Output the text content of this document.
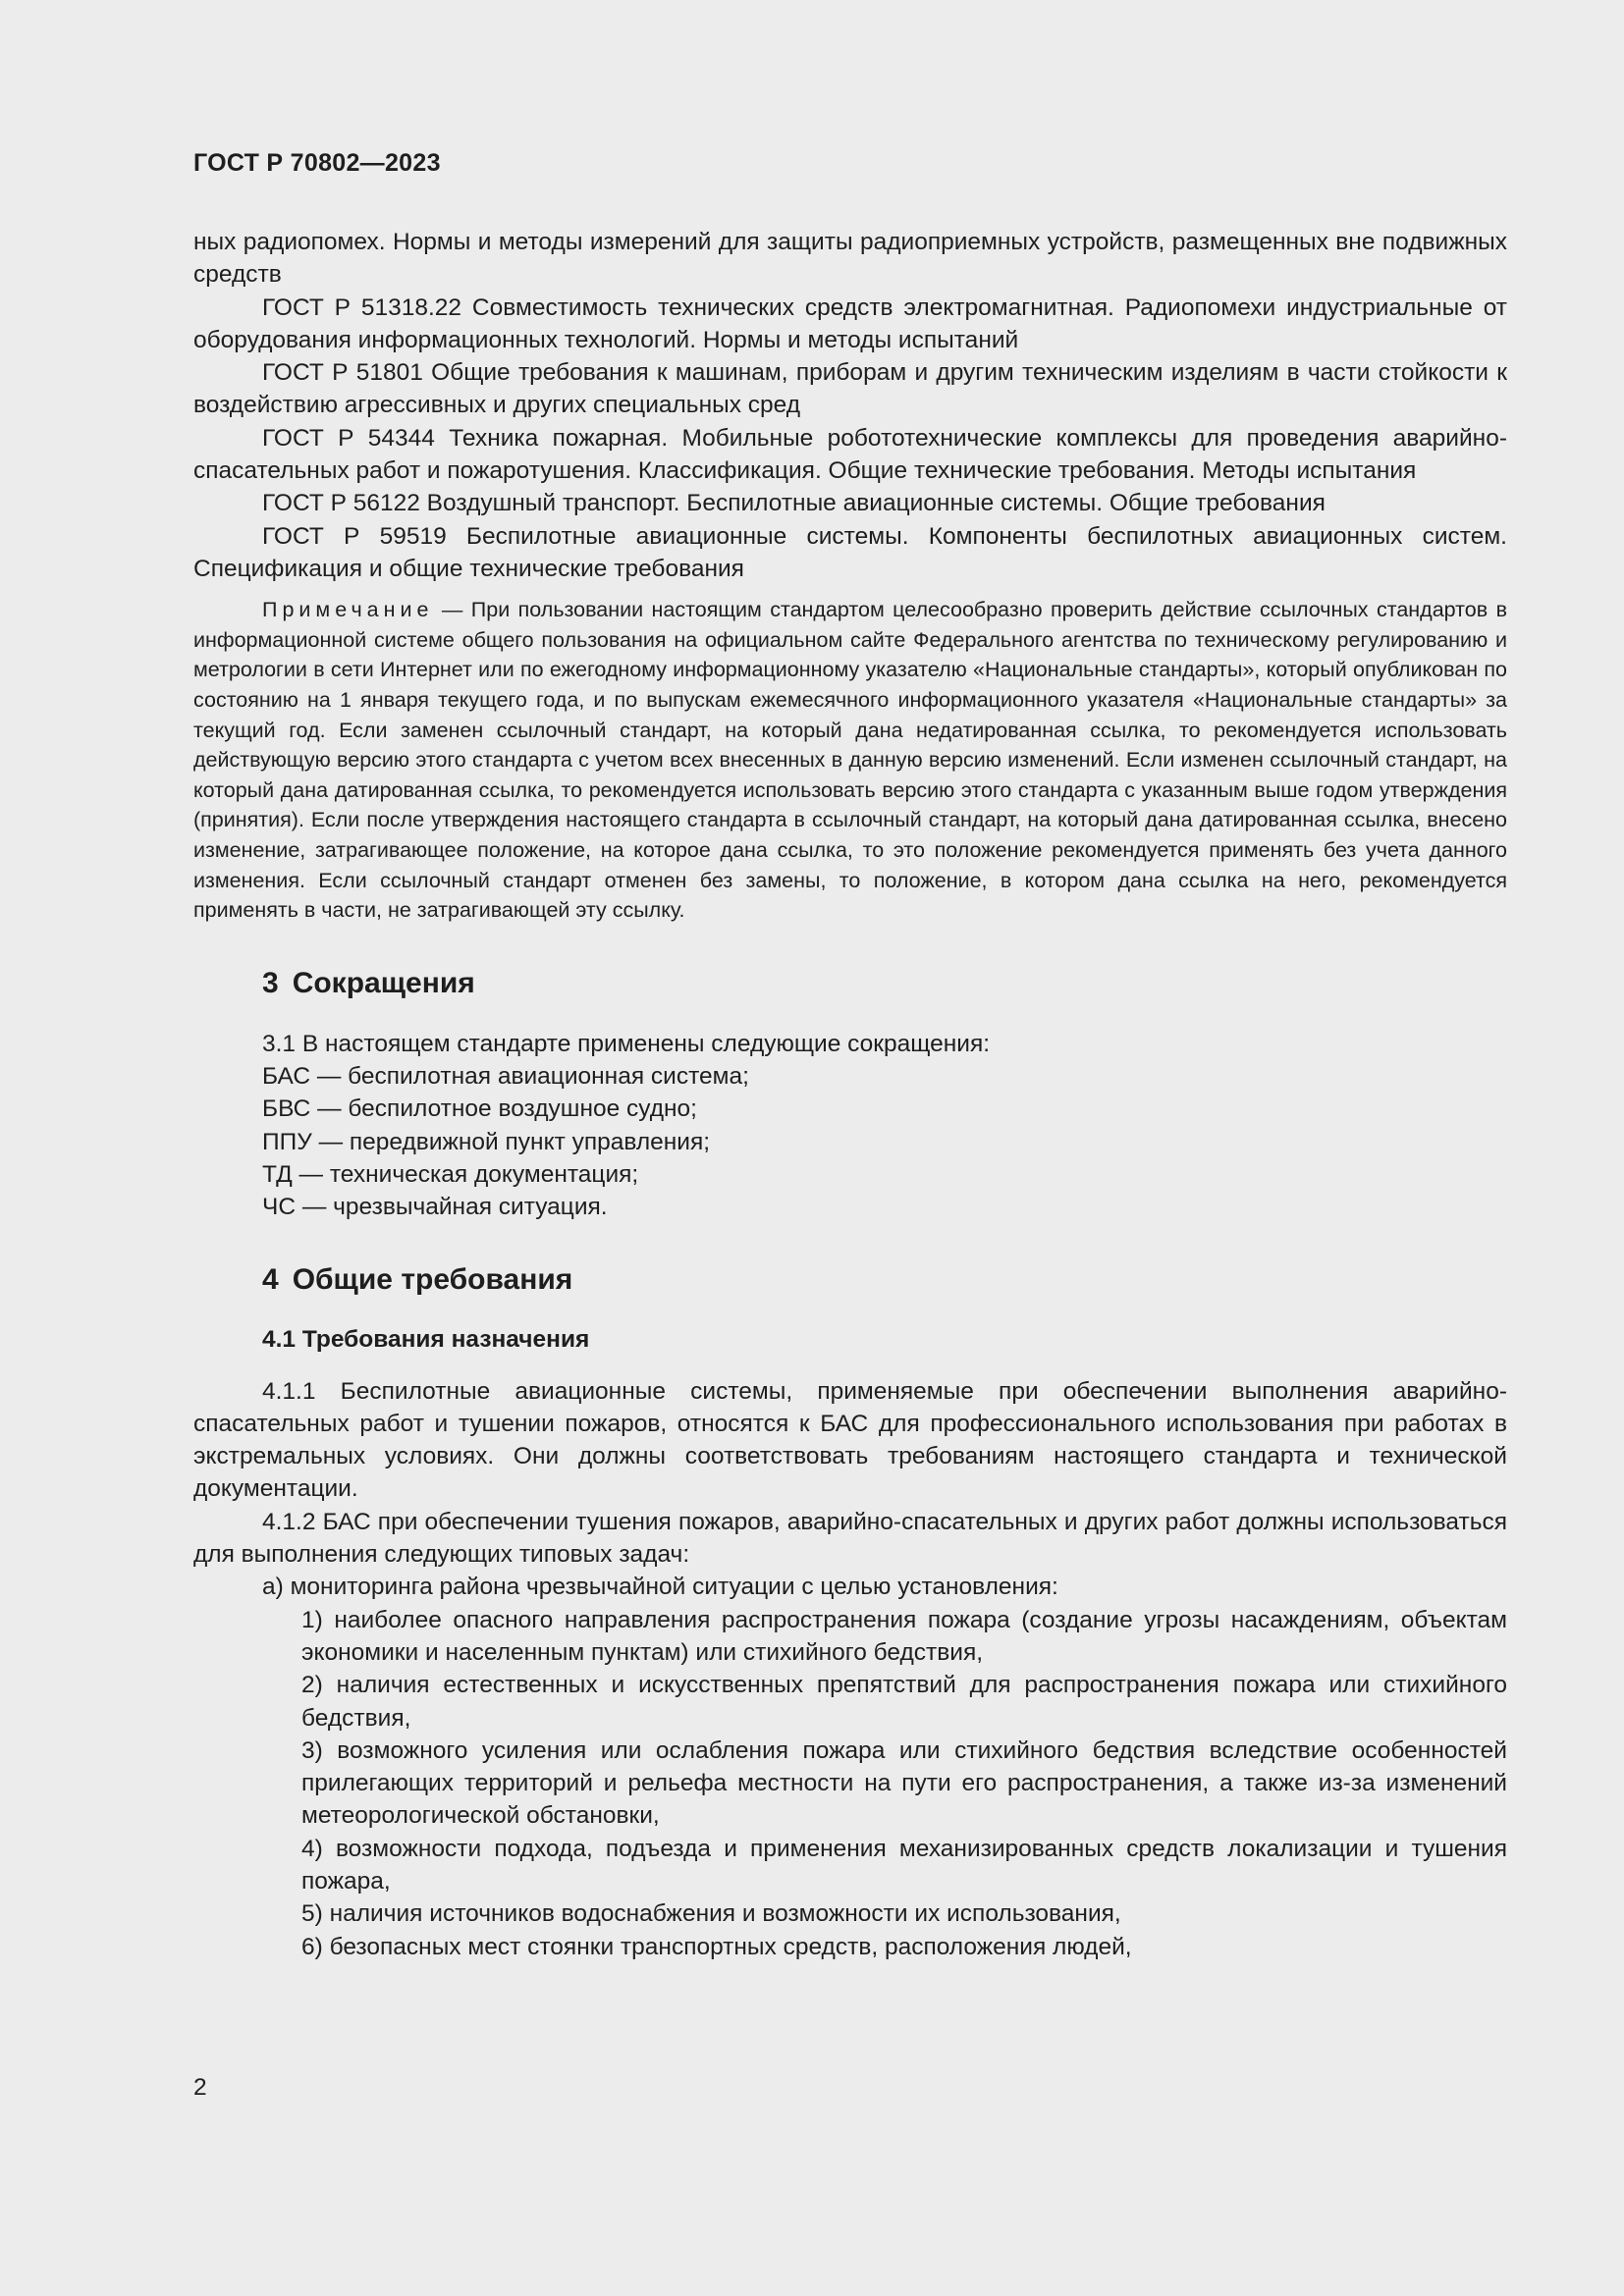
ГОСТ Р 70802—2023

ных радиопомех. Нормы и методы измерений для защиты радиоприемных устройств, размещенных вне подвижных средств

ГОСТ Р 51318.22 Совместимость технических средств электромагнитная. Радиопомехи индустриальные от оборудования информационных технологий. Нормы и методы испытаний

ГОСТ Р 51801 Общие требования к машинам, приборам и другим техническим изделиям в части стойкости к воздействию агрессивных и других специальных сред

ГОСТ Р 54344 Техника пожарная. Мобильные робототехнические комплексы для проведения аварийно-спасательных работ и пожаротушения. Классификация. Общие технические требования. Методы испытания

ГОСТ Р 56122 Воздушный транспорт. Беспилотные авиационные системы. Общие требования

ГОСТ Р 59519 Беспилотные авиационные системы. Компоненты беспилотных авиационных систем. Спецификация и общие технические требования

Примечание — При пользовании настоящим стандартом целесообразно проверить действие ссылочных стандартов в информационной системе общего пользования на официальном сайте Федерального агентства по техническому регулированию и метрологии в сети Интернет или по ежегодному информационному указателю «Национальные стандарты», который опубликован по состоянию на 1 января текущего года, и по выпускам ежемесячного информационного указателя «Национальные стандарты» за текущий год. Если заменен ссылочный стандарт, на который дана недатированная ссылка, то рекомендуется использовать действующую версию этого стандарта с учетом всех внесенных в данную версию изменений. Если изменен ссылочный стандарт, на который дана датированная ссылка, то рекомендуется использовать версию этого стандарта с указанным выше годом утверждения (принятия). Если после утверждения настоящего стандарта в ссылочный стандарт, на который дана датированная ссылка, внесено изменение, затрагивающее положение, на которое дана ссылка, то это положение рекомендуется применять без учета данного изменения. Если ссылочный стандарт отменен без замены, то положение, в котором дана ссылка на него, рекомендуется применять в части, не затрагивающей эту ссылку.

3 Сокращения

3.1 В настоящем стандарте применены следующие сокращения:

БАС — беспилотная авиационная система;

БВС — беспилотное воздушное судно;

ППУ — передвижной пункт управления;

ТД — техническая документация;

ЧС — чрезвычайная ситуация.

4 Общие требования
4.1 Требования назначения

4.1.1 Беспилотные авиационные системы, применяемые при обеспечении выполнения аварийно-спасательных работ и тушении пожаров, относятся к БАС для профессионального использования при работах в экстремальных условиях. Они должны соответствовать требованиям настоящего стандарта и технической документации.

4.1.2 БАС при обеспечении тушения пожаров, аварийно-спасательных и других работ должны использоваться для выполнения следующих типовых задач:

а) мониторинга района чрезвычайной ситуации с целью установления:

1) наиболее опасного направления распространения пожара (создание угрозы насаждениям, объектам экономики и населенным пунктам) или стихийного бедствия,

2) наличия естественных и искусственных препятствий для распространения пожара или стихийного бедствия,

3) возможного усиления или ослабления пожара или стихийного бедствия вследствие особенностей прилегающих территорий и рельефа местности на пути его распространения, а также из-за изменений метеорологической обстановки,

4) возможности подхода, подъезда и применения механизированных средств локализации и тушения пожара,

5) наличия источников водоснабжения и возможности их использования,

6) безопасных мест стоянки транспортных средств, расположения людей,

2
